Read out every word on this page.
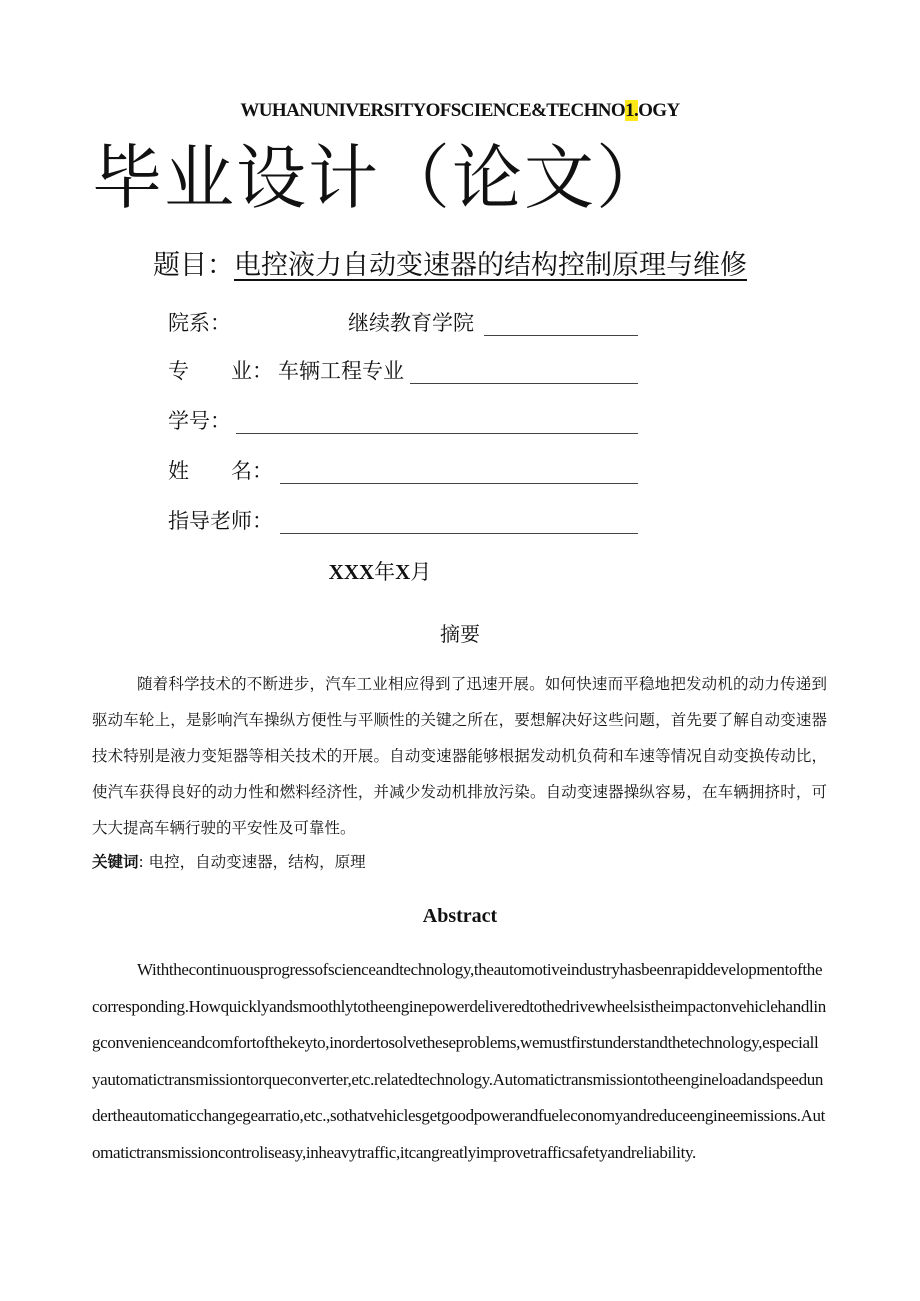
WUHANUNIVERSITYOFSCIENCE&TECHNO1.OGY
毕业设计（论文）
题目：电控液力自动变速器的结构控制原理与维修
院系：	继续教育学院
专　　业： 车辆工程专业
学号：
姓　　名：
指导老师：
XXX年X月
摘要

随着科学技术的不断进步，汽车工业相应得到了迅速开展。如何快速而平稳地把发动机的动力传递到驱动车轮上，是影响汽车操纵方便性与平顺性的关键之所在，要想解决好这些问题，首先要了解自动变速器技术特别是液力变矩器等相关技术的开展。自动变速器能够根据发动机负荷和车速等情况自动变换传动比，使汽车获得良好的动力性和燃料经济性，并减少发动机排放污染。自动变速器操纵容易，在车辆拥挤时，可大大提高车辆行驶的平安性及可靠性。

关键词: 电控，自动变速器，结构，原理
Abstract

Withthecontinuousprogressofscienceandtechnology,theautomotiveindustryhasbeenrapiddevelopmentofthecorresponding.Howquicklyandsmoothlytotheenginepowerdeliveredtothedrivewheelsistheimpactonvehiclehandlingconvenienceandcomfortofthekeyto,inordertosolvetheseproblems,wemustfirstunderstandthetechnology,especiallyautomatictransmissiontorqueconverter,etc.relatedtechnology.Automatictransmissiontotheengineloadandspeedundertheautomaticchangegearratio,etc.,sothatvehiclesgetgoodpowerandfueleconomyandreduceengineemissions.Automatictransmissioncontroliseasy,inheavytraffic,itcangreatlyimprovetrafficsafetyandreliability.
